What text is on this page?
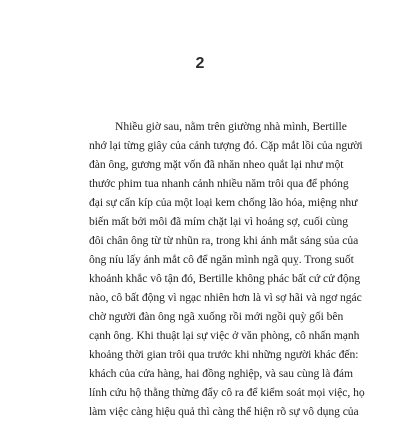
2
Nhiều giờ sau, nằm trên giường nhà mình, Bertille
nhớ lại từng giây của cảnh tượng đó. Cặp mắt lồi của người
đàn ông, gương mặt vốn đã nhăn nheo quắt lại như một
thước phim tua nhanh cảnh nhiều năm trôi qua để phóng
đại sự cấn kíp của một loại kem chống lão hóa, miệng như
biến mất bởi môi đã mím chặt lại vì hoảng sợ, cuối cùng
đôi chân ông từ từ nhũn ra, trong khi ánh mắt sáng sủa của
ông níu lấy ánh mắt cô để ngăn mình ngã quỵ. Trong suốt
khoảnh khắc vô tận đó, Bertille không phác bất cứ cử động
nào, cô bất động vì ngạc nhiên hơn là vì sợ hãi và ngơ ngác
chờ người đàn ông ngã xuống rồi mới ngồi quỳ gối bên
cạnh ông. Khi thuật lại sự việc ở văn phòng, cô nhấn mạnh
khoảng thời gian trôi qua trước khi những người khác đến:
khách của cửa hàng, hai đồng nghiệp, và sau cùng là đám
lính cứu hộ thằng thừng đẩy cô ra để kiểm soát mọi việc, họ
làm việc càng hiệu quả thì càng thể hiện rõ sự vô dụng của
